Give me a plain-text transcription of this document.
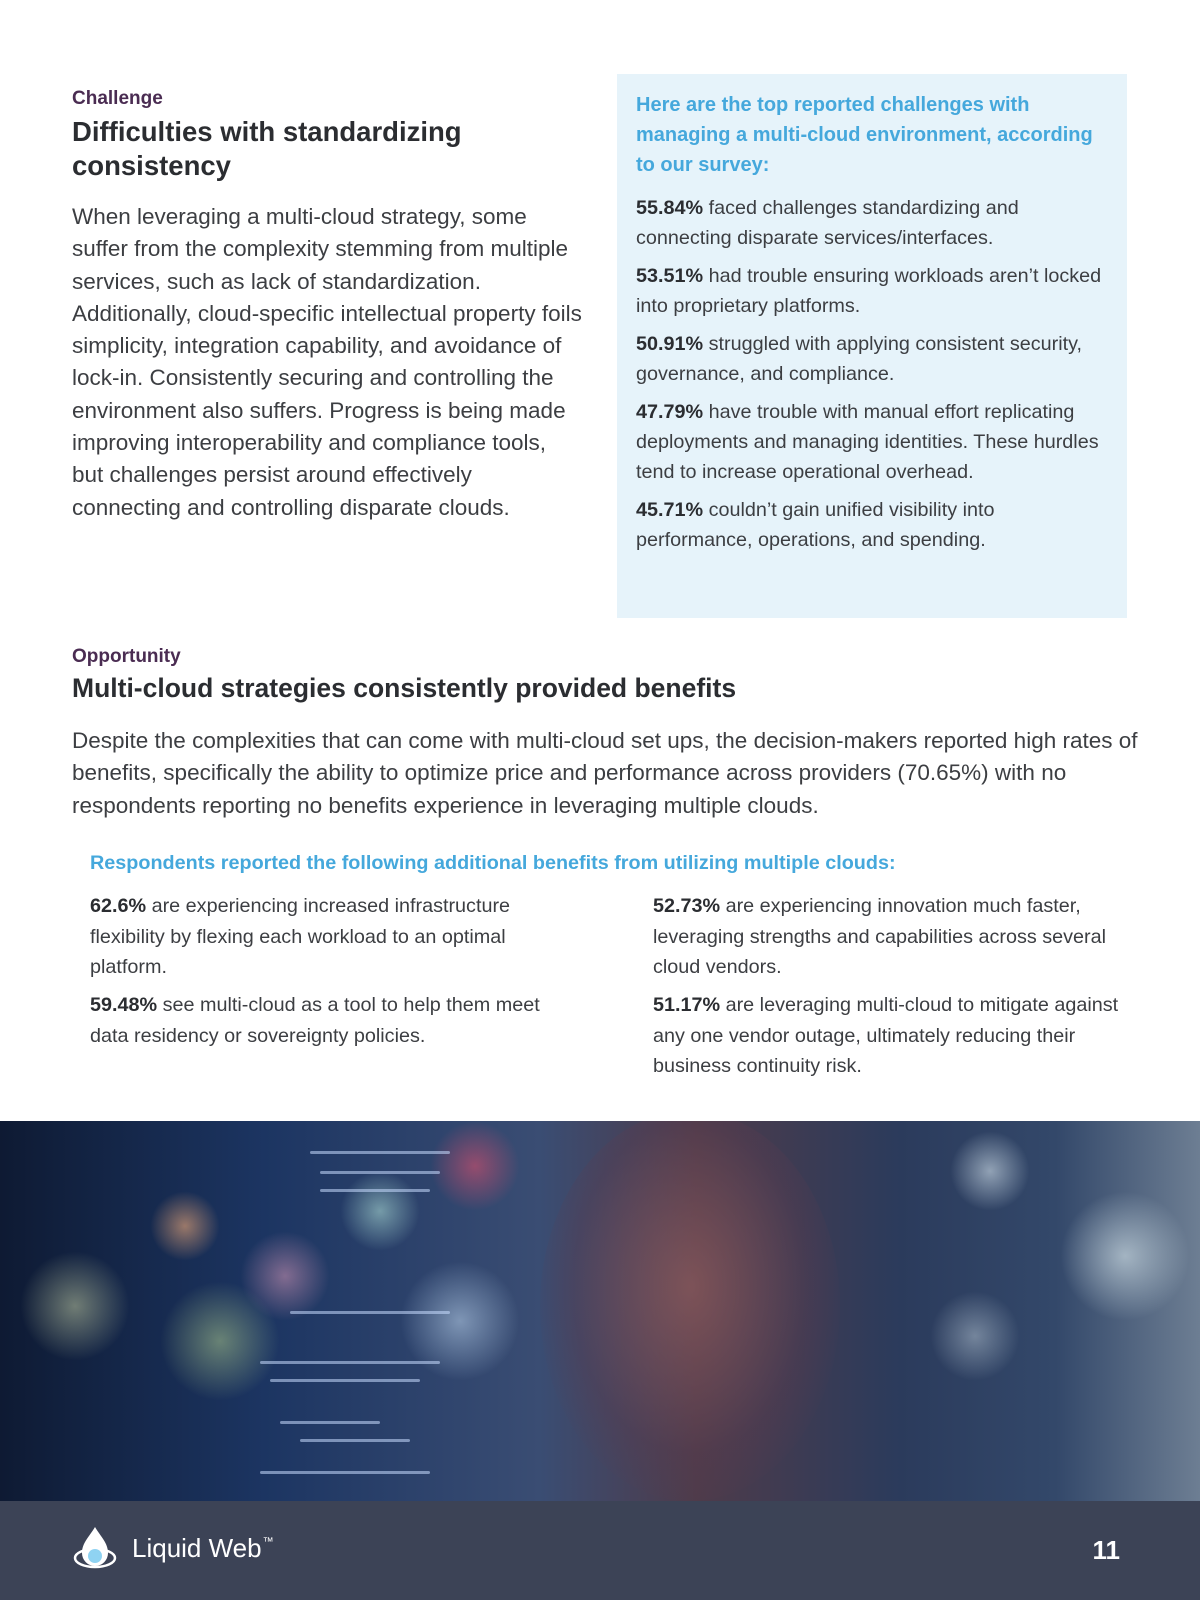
Challenge

Difficulties with standardizing consistency

When leveraging a multi-cloud strategy, some suffer from the complexity stemming from multiple services, such as lack of standardization. Additionally, cloud-specific intellectual property foils simplicity, integration capability, and avoidance of lock-in. Consistently securing and controlling the environment also suffers. Progress is being made improving interoperability and compliance tools, but challenges persist around effectively connecting and controlling disparate clouds.

Here are the top reported challenges with managing a multi-cloud environment, according to our survey:

55.84% faced challenges standardizing and connecting disparate services/interfaces.

53.51% had trouble ensuring workloads aren’t locked into proprietary platforms.

50.91% struggled with applying consistent security, governance, and compliance.

47.79% have trouble with manual effort replicating deployments and managing identities. These hurdles tend to increase operational overhead.

45.71% couldn’t gain unified visibility into performance, operations, and spending.

Opportunity

Multi-cloud strategies consistently provided benefits

Despite the complexities that can come with multi-cloud set ups, the decision-makers reported high rates of benefits, specifically the ability to optimize price and performance across providers (70.65%) with no respondents reporting no benefits experience in leveraging multiple clouds.

Respondents reported the following additional benefits from utilizing multiple clouds:

62.6% are experiencing increased infrastructure flexibility by flexing each workload to an optimal platform.

59.48% see multi-cloud as a tool to help them meet data residency or sovereignty policies.

52.73% are experiencing innovation much faster, leveraging strengths and capabilities across several cloud vendors.

51.17% are leveraging multi-cloud to mitigate against any one vendor outage, ultimately reducing their business continuity risk.

Liquid Web™	11
